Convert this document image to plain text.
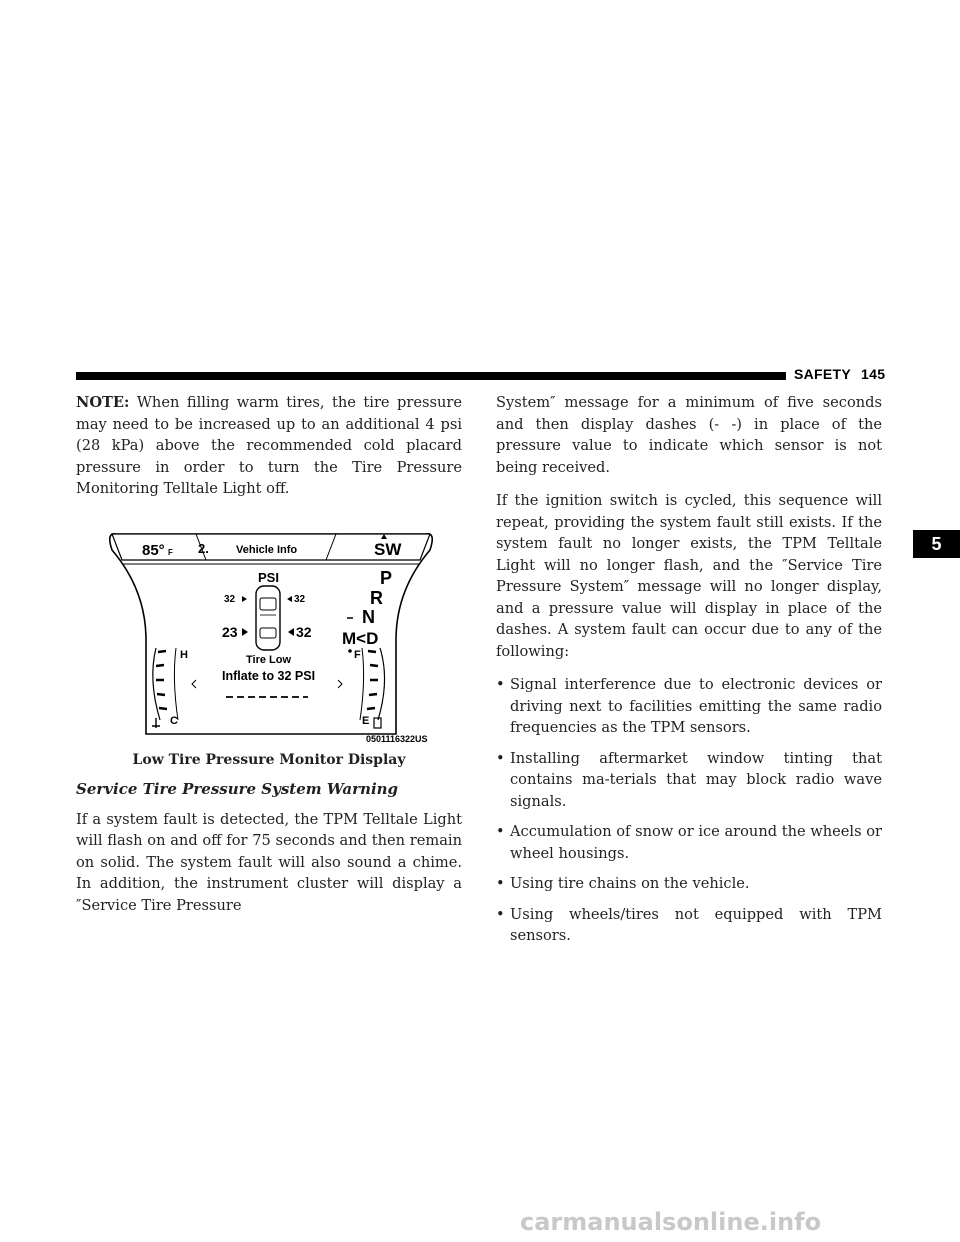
SAFETY 145
5

NOTE: When filling warm tires, the tire pressure may need to be increased up to an additional 4 psi (28 kPa) above the recommended cold placard pressure in order to turn the Tire Pressure Monitoring Telltale Light off.

85° F 2. Vehicle Info	SW
PSI
32	32
23	32
Tire Low
Inflate to 32 PSI
P
R
N
M<D
H
C
F
E
0501116322US
Low Tire Pressure Monitor Display
Service Tire Pressure System Warning

If a system fault is detected, the TPM Telltale Light will flash on and off for 75 seconds and then remain on solid. The system fault will also sound a chime. In addition, the instrument cluster will display a ″Service Tire Pressure

System″ message for a minimum of five seconds and then display dashes (- -) in place of the pressure value to indicate which sensor is not being received.

If the ignition switch is cycled, this sequence will repeat, providing the system fault still exists. If the system fault no longer exists, the TPM Telltale Light will no longer flash, and the ″Service Tire Pressure System″ message will no longer display, and a pressure value will display in place of the dashes. A system fault can occur due to any of the following:

• Signal interference due to electronic devices or driving next to facilities emitting the same radio frequencies as the TPM sensors.
• Installing aftermarket window tinting that contains ma-terials that may block radio wave signals.
• Accumulation of snow or ice around the wheels or wheel housings.
• Using tire chains on the vehicle.
• Using wheels/tires not equipped with TPM sensors.
carmanualsonline.info
